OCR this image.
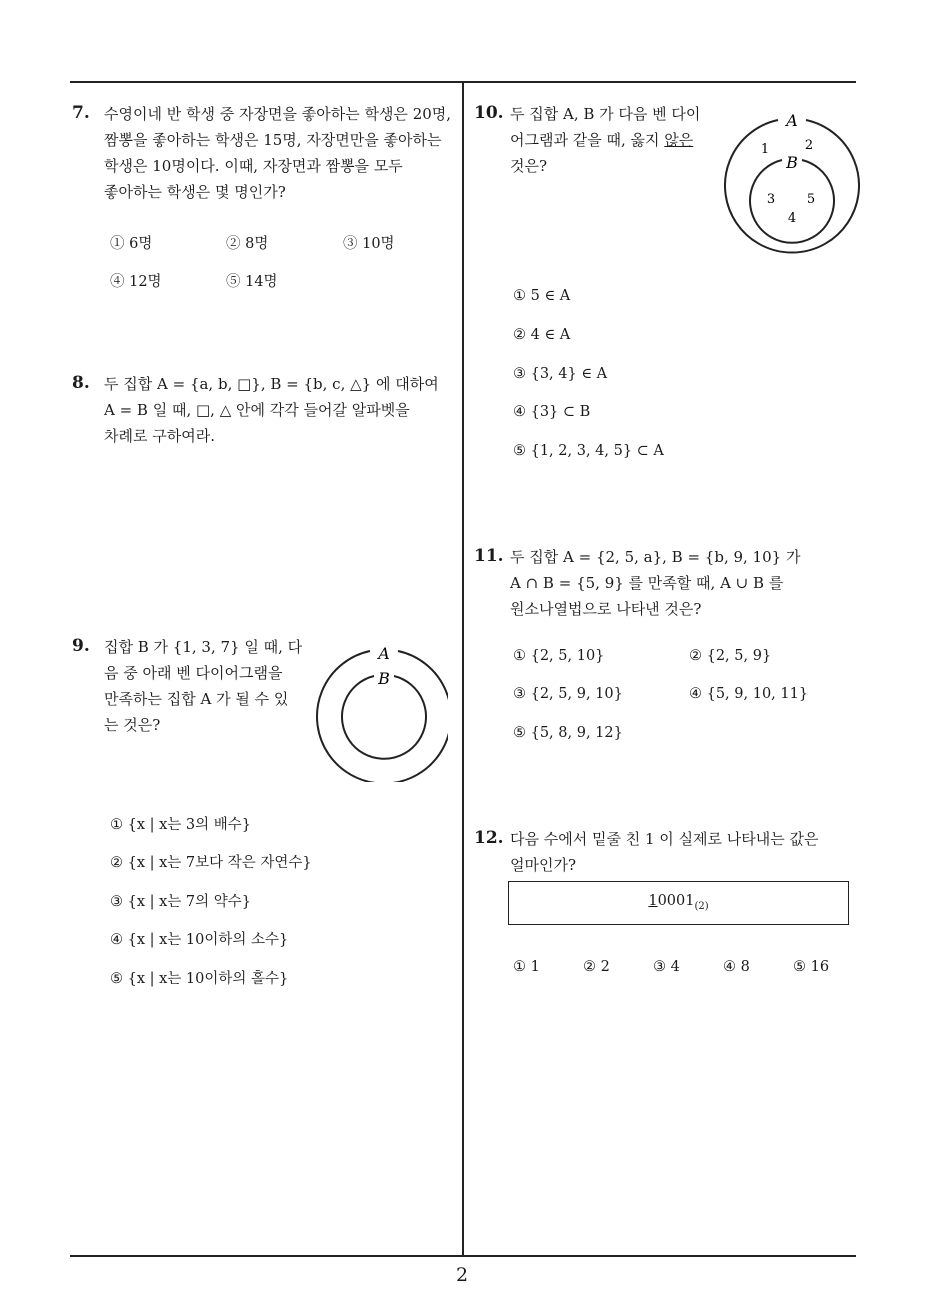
2
7. 수영이네 반 학생 중 자장면을 좋아하는 학생은 20명,
짬뽕을 좋아하는 학생은 15명, 자장면만을 좋아하는
학생은 10명이다. 이때, 자장면과 짬뽕을 모두
좋아하는 학생은 몇 명인가?
① 6명	② 8명	③ 10명
④ 12명	⑤ 14명
8. 두 집합 A = {a, b, □}, B = {b, c, △} 에 대하여
A = B 일 때, □, △ 안에 각각 들어갈 알파벳을
차례로 구하여라.
9. 집합 B 가 {1, 3, 7} 일 때, 다
음 중 아래 벤 다이어그램을
만족하는 집합 A 가 될 수 있
는 것은?
A
B
① {x | x는 3의 배수}
② {x | x는 7보다 작은 자연수}
③ {x | x는 7의 약수}
④ {x | x는 10이하의 소수}
⑤ {x | x는 10이하의 홀수}
10. 두 집합 A, B 가 다음 벤 다이
어그램과 같을 때, 옳지 않은
것은?
A
1	2
B
3 5
4
① 5 ∈ A
② 4 ∈ A
③ {3, 4} ∈ A
④ {3} ⊂ B
⑤ {1, 2, 3, 4, 5} ⊂ A
11. 두 집합 A = {2, 5, a}, B = {b, 9, 10} 가
A ∩ B = {5, 9} 를 만족할 때, A ∪ B 를
원소나열법으로 나타낸 것은?
① {2, 5, 10}	② {2, 5, 9}
③ {2, 5, 9, 10}	④ {5, 9, 10, 11}
⑤ {5, 8, 9, 12}
12. 다음 수에서 밑줄 친 1 이 실제로 나타내는 값은
얼마인가?
$10001_{(2)}$
① 1	② 2	③ 4	④ 8	⑤ 16
